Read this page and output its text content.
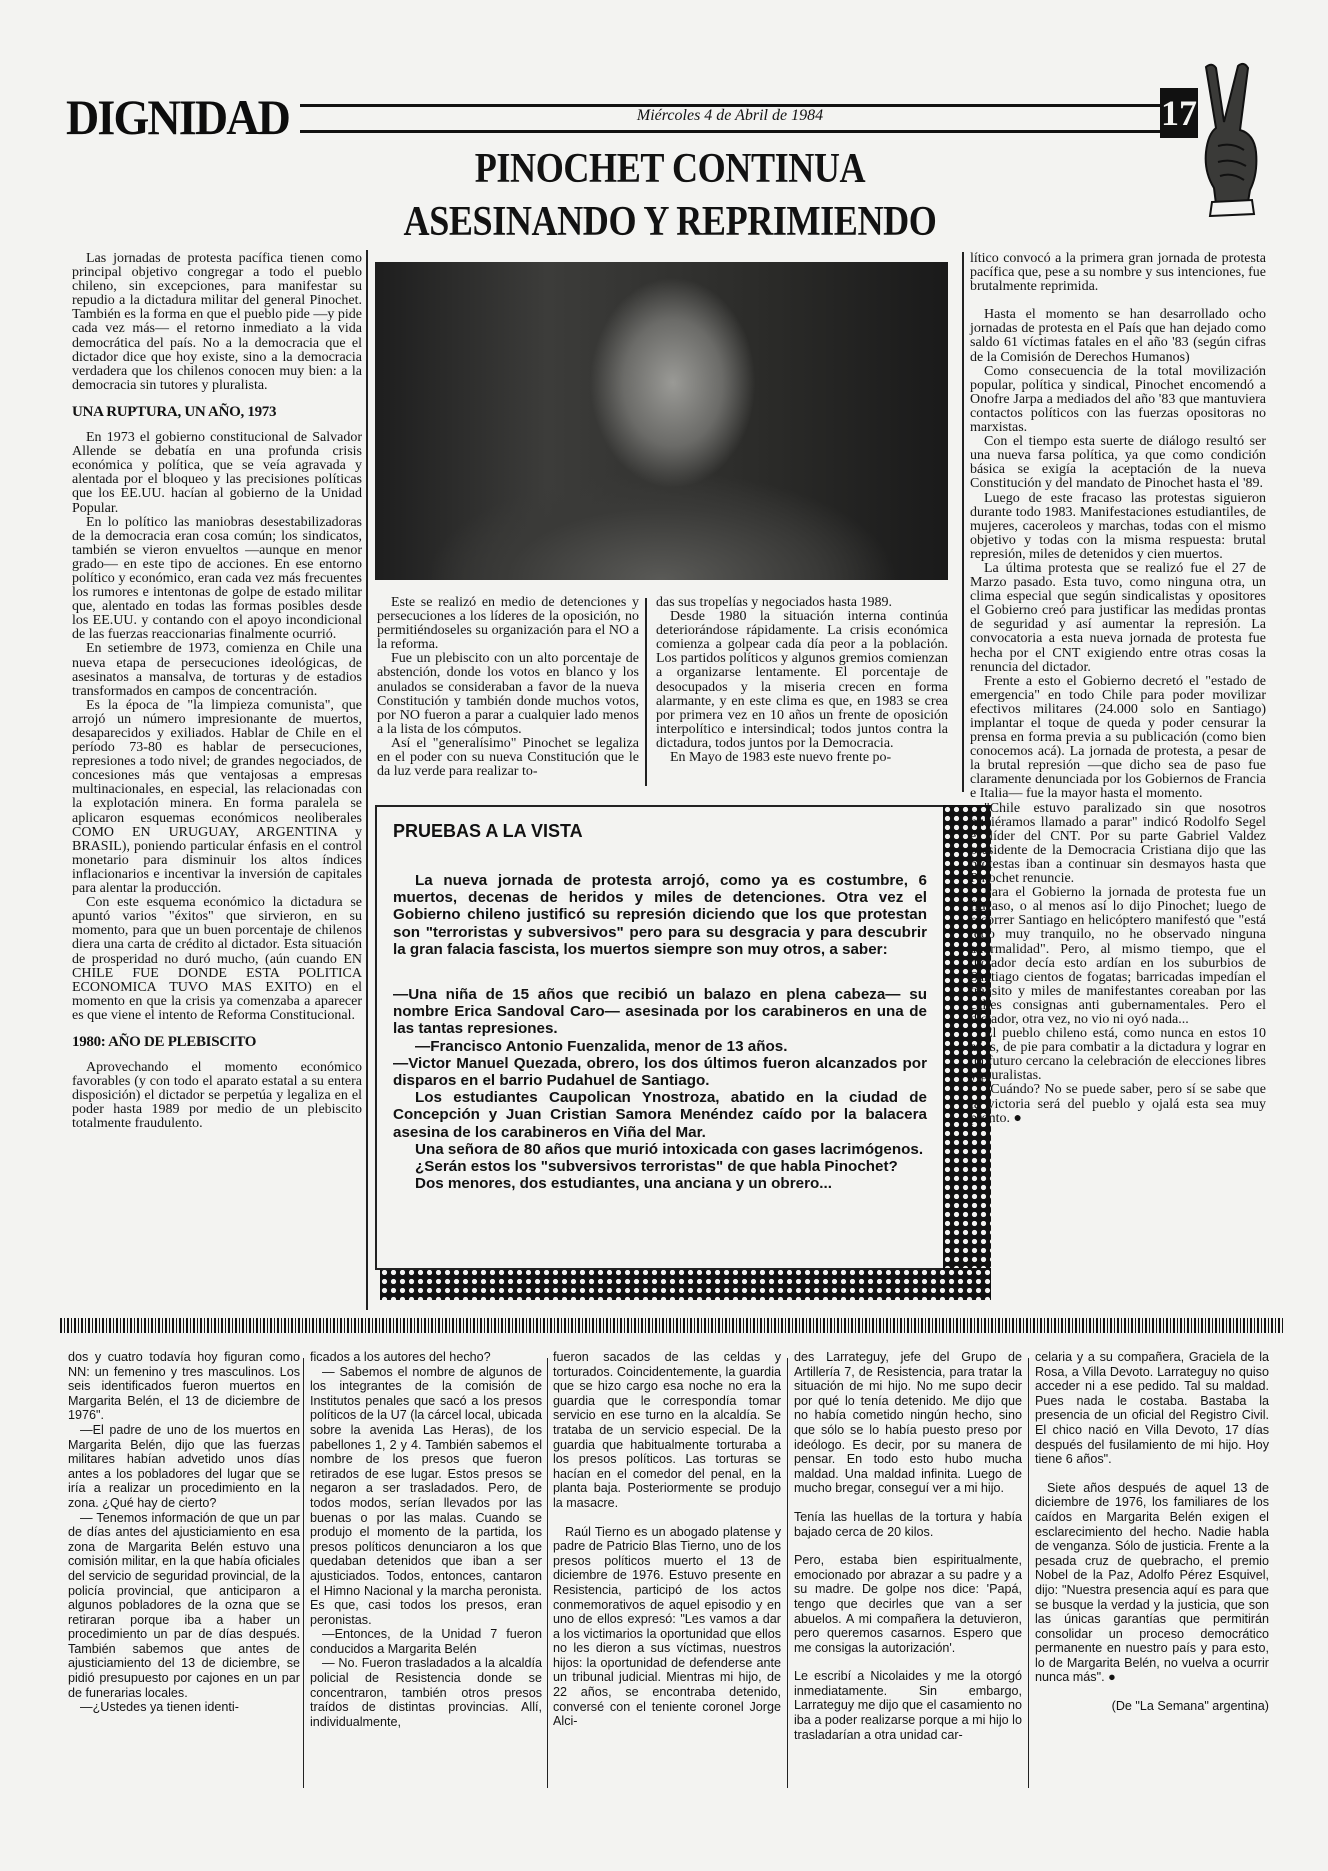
DIGNIDAD	Miércoles 4 de Abril de 1984	17
PINOCHET CONTINUA
ASESINANDO Y REPRIMIENDO

Las jornadas de protesta pacífica tienen como principal objetivo congregar a todo el pueblo chileno, sin excepciones, para manifestar su repudio a la dictadura militar del general Pinochet. También es la forma en que el pueblo pide —y pide cada vez más— el retorno inmediato a la vida democrática del país. No a la democracia que el dictador dice que hoy existe, sino a la democracia verdadera que los chilenos conocen muy bien: a la democracia sin tutores y pluralista.

UNA RUPTURA, UN AÑO, 1973

En 1973 el gobierno constitucional de Salvador Allende se debatía en una profunda crisis económica y política, que se veía agravada y alentada por el bloqueo y las precisiones políticas que los EE.UU. hacían al gobierno de la Unidad Popular.

En lo político las maniobras desestabilizadoras de la democracia eran cosa común; los sindicatos, también se vieron envueltos —aunque en menor grado— en este tipo de acciones. En ese entorno político y económico, eran cada vez más frecuentes los rumores e intentonas de golpe de estado militar que, alentado en todas las formas posibles desde los EE.UU. y contando con el apoyo incondicional de las fuerzas reaccionarias finalmente ocurrió.

En setiembre de 1973, comienza en Chile una nueva etapa de persecuciones ideológicas, de asesinatos a mansalva, de torturas y de estadios transformados en campos de concentración.

Es la época de "la limpieza comunista", que arrojó un número impresionante de muertos, desaparecidos y exiliados. Hablar de Chile en el período 73-80 es hablar de persecuciones, represiones a todo nivel; de grandes negociados, de concesiones más que ventajosas a empresas multinacionales, en especial, las relacionadas con la explotación minera. En forma paralela se aplicaron esquemas económicos neoliberales COMO EN URUGUAY, ARGENTINA y BRASIL), poniendo particular énfasis en el control monetario para disminuir los altos índices inflacionarios e incentivar la inversión de capitales para alentar la producción.

Con este esquema económico la dictadura se apuntó varios "éxitos" que sirvieron, en su momento, para que un buen porcentaje de chilenos diera una carta de crédito al dictador. Esta situación de prosperidad no duró mucho, (aún cuando EN CHILE FUE DONDE ESTA POLITICA ECONOMICA TUVO MAS EXITO) en el momento en que la crisis ya comenzaba a aparecer es que viene el intento de Reforma Constitucional.

1980: AÑO DE PLEBISCITO

Aprovechando el momento económico favorables (y con todo el aparato estatal a su entera disposición) el dictador se perpetúa y legaliza en el poder hasta 1989 por medio de un plebiscito totalmente fraudulento.

Este se realizó en medio de detenciones y persecuciones a los líderes de la oposición, no permitiéndoseles su organización para el NO a la reforma.

Fue un plebiscito con un alto porcentaje de abstención, donde los votos en blanco y los anulados se consideraban a favor de la nueva Constitución y también donde muchos votos, por NO fueron a parar a cualquier lado menos a la lista de los cómputos.

Así el "generalísimo" Pinochet se legaliza en el poder con su nueva Constitución que le da luz verde para realizar to-

das sus tropelías y negociados hasta 1989.

Desde 1980 la situación interna continúa deteriorándose rápidamente. La crisis económica comienza a golpear cada día peor a la población. Los partidos políticos y algunos gremios comienzan a organizarse lentamente. El porcentaje de desocupados y la miseria crecen en forma alarmante, y en este clima es que, en 1983 se crea por primera vez en 10 años un frente de oposición interpolítico e intersindical; todos juntos contra la dictadura, todos juntos por la Democracia.

En Mayo de 1983 este nuevo frente po-

PRUEBAS A LA VISTA

La nueva jornada de protesta arrojó, como ya es costumbre, 6 muertos, decenas de heridos y miles de detenciones. Otra vez el Gobierno chileno justificó su represión diciendo que los que protestan son "terroristas y subversivos" pero para su desgracia y para descubrir la gran falacia fascista, los muertos siempre son muy otros, a saber:

—Una niña de 15 años que recibió un balazo en plena cabeza— su nombre Erica Sandoval Caro— asesinada por los carabineros en una de las tantas represiones.

—Francisco Antonio Fuenzalida, menor de 13 años.

—Victor Manuel Quezada, obrero, los dos últimos fueron alcanzados por disparos en el barrio Pudahuel de Santiago.

Los estudiantes Caupolican Ynostroza, abatido en la ciudad de Concepción y Juan Cristian Samora Menéndez caído por la balacera asesina de los carabineros en Viña del Mar.

Una señora de 80 años que murió intoxicada con gases lacrimógenos.

¿Serán estos los "subversivos terroristas" de que habla Pinochet?

Dos menores, dos estudiantes, una anciana y un obrero...

lítico convocó a la primera gran jornada de protesta pacífica que, pese a su nombre y sus intenciones, fue brutalmente reprimida.

Hasta el momento se han desarrollado ocho jornadas de protesta en el País que han dejado como saldo 61 víctimas fatales en el año '83 (según cifras de la Comisión de Derechos Humanos)

Como consecuencia de la total movilización popular, política y sindical, Pinochet encomendó a Onofre Jarpa a mediados del año '83 que mantuviera contactos políticos con las fuerzas opositoras no marxistas.

Con el tiempo esta suerte de diálogo resultó ser una nueva farsa política, ya que como condición básica se exigía la aceptación de la nueva Constitución y del mandato de Pinochet hasta el '89.

Luego de este fracaso las protestas siguieron durante todo 1983. Manifestaciones estudiantiles, de mujeres, caceroleos y marchas, todas con el mismo objetivo y todas con la misma respuesta: brutal represión, miles de detenidos y cien muertos.

La última protesta que se realizó fue el 27 de Marzo pasado. Esta tuvo, como ninguna otra, un clima especial que según sindicalistas y opositores el Gobierno creó para justificar las medidas prontas de seguridad y así aumentar la represión. La convocatoria a esta nueva jornada de protesta fue hecha por el CNT exigiendo entre otras cosas la renuncia del dictador.

Frente a esto el Gobierno decretó el "estado de emergencia" en todo Chile para poder movilizar efectivos militares (24.000 solo en Santiago) implantar el toque de queda y poder censurar la prensa en forma previa a su publicación (como bien conocemos acá). La jornada de protesta, a pesar de la brutal represión —que dicho sea de paso fue claramente denunciada por los Gobiernos de Francia e Italia— fue la mayor hasta el momento.

"Chile estuvo paralizado sin que nosotros hubiéramos llamado a parar" indicó Rodolfo Segel el líder del CNT. Por su parte Gabriel Valdez presidente de la Democracia Cristiana dijo que las protestas iban a continuar sin desmayos hasta que Pinochet renuncie.

Para el Gobierno la jornada de protesta fue un fracaso, o al menos así lo dijo Pinochet; luego de recorrer Santiago en helicóptero manifestó que "está todo muy tranquilo, no he observado ninguna anormalidad". Pero, al mismo tiempo, que el dictador decía esto ardían en los suburbios de Santiago cientos de fogatas; barricadas impedían el tránsito y miles de manifestantes coreaban por las calles consignas anti gubernamentales. Pero el dictador, otra vez, no vio ni oyó nada...

El pueblo chileno está, como nunca en estos 10 años, de pie para combatir a la dictadura y lograr en un futuro cercano la celebración de elecciones libres y pluralistas.

¿Cuándo? No se puede saber, pero sí se sabe que la victoria será del pueblo y ojalá esta sea muy pronto. ●

dos y cuatro todavía hoy figuran como NN: un femenino y tres masculinos. Los seis identificados fueron muertos en Margarita Belén, el 13 de diciembre de 1976".

—El padre de uno de los muertos en Margarita Belén, dijo que las fuerzas militares habían advetido unos días antes a los pobladores del lugar que se iría a realizar un procedimiento en la zona. ¿Qué hay de cierto?

— Tenemos información de que un par de días antes del ajusticiamiento en esa zona de Margarita Belén estuvo una comisión militar, en la que había oficiales del servicio de seguridad provincial, de la policía provincial, que anticiparon a algunos pobladores de la ozna que se retiraran porque iba a haber un procedimiento un par de días después. También sabemos que antes de ajusticiamiento del 13 de diciembre, se pidió presupuesto por cajones en un par de funerarias locales.

—¿Ustedes ya tienen identi-

ficados a los autores del hecho?

— Sabemos el nombre de algunos de los integrantes de la comisión de Institutos penales que sacó a los presos políticos de la U7 (la cárcel local, ubicada sobre la avenida Las Heras), de los pabellones 1, 2 y 4. También sabemos el nombre de los presos que fueron retirados de ese lugar. Estos presos se negaron a ser trasladados. Pero, de todos modos, serían llevados por las buenas o por las malas. Cuando se produjo el momento de la partida, los presos políticos denunciaron a los que quedaban detenidos que iban a ser ajusticiados. Todos, entonces, cantaron el Himno Nacional y la marcha peronista. Es que, casi todos los presos, eran peronistas.

—Entonces, de la Unidad 7 fueron conducidos a Margarita Belén

— No. Fueron trasladados a la alcaldía policial de Resistencia donde se concentraron, también otros presos traídos de distintas provincias. Allí, individualmente,

fueron sacados de las celdas y torturados. Coincidentemente, la guardia que se hizo cargo esa noche no era la guardia que le correspondía tomar servicio en ese turno en la alcaldía. Se trataba de un servicio especial. De la guardia que habitualmente torturaba a los presos políticos. Las torturas se hacían en el comedor del penal, en la planta baja. Posteriormente se produjo la masacre.

Raúl Tierno es un abogado platense y padre de Patricio Blas Tierno, uno de los presos políticos muerto el 13 de diciembre de 1976. Estuvo presente en Resistencia, participó de los actos conmemorativos de aquel episodio y en uno de ellos expresó: "Les vamos a dar a los victimarios la oportunidad que ellos no les dieron a sus víctimas, nuestros hijos: la oportunidad de defenderse ante un tribunal judicial. Mientras mi hijo, de 22 años, se encontraba detenido, conversé con el teniente coronel Jorge Alci-

des Larrateguy, jefe del Grupo de Artillería 7, de Resistencia, para tratar la situación de mi hijo. No me supo decir por qué lo tenía detenido. Me dijo que no había cometido ningún hecho, sino que sólo se lo había puesto preso por ideólogo. Es decir, por su manera de pensar. En todo esto hubo mucha maldad. Una maldad infinita. Luego de mucho bregar, conseguí ver a mi hijo.

Tenía las huellas de la tortura y había bajado cerca de 20 kilos.

Pero, estaba bien espiritualmente, emocionado por abrazar a su padre y a su madre. De golpe nos dice: 'Papá, tengo que decirles que van a ser abuelos. A mi compañera la detuvieron, pero queremos casarnos. Espero que me consigas la autorización'.

Le escribí a Nicolaides y me la otorgó inmediatamente. Sin embargo, Larrateguy me dijo que el casamiento no iba a poder realizarse porque a mi hijo lo trasladarían a otra unidad car-

celaria y a su compañera, Graciela de la Rosa, a Villa Devoto. Larrateguy no quiso acceder ni a ese pedido. Tal su maldad. Pues nada le costaba. Bastaba la presencia de un oficial del Registro Civil. El chico nació en Villa Devoto, 17 días después del fusilamiento de mi hijo. Hoy tiene 6 años".

Siete años después de aquel 13 de diciembre de 1976, los familiares de los caídos en Margarita Belén exigen el esclarecimiento del hecho. Nadie habla de venganza. Sólo de justicia. Frente a la pesada cruz de quebracho, el premio Nobel de la Paz, Adolfo Pérez Esquivel, dijo: "Nuestra presencia aquí es para que se busque la verdad y la justicia, que son las únicas garantías que permitirán consolidar un proceso democrático permanente en nuestro país y para esto, lo de Margarita Belén, no vuelva a ocurrir nunca más". ●

(De "La Semana" argentina)
